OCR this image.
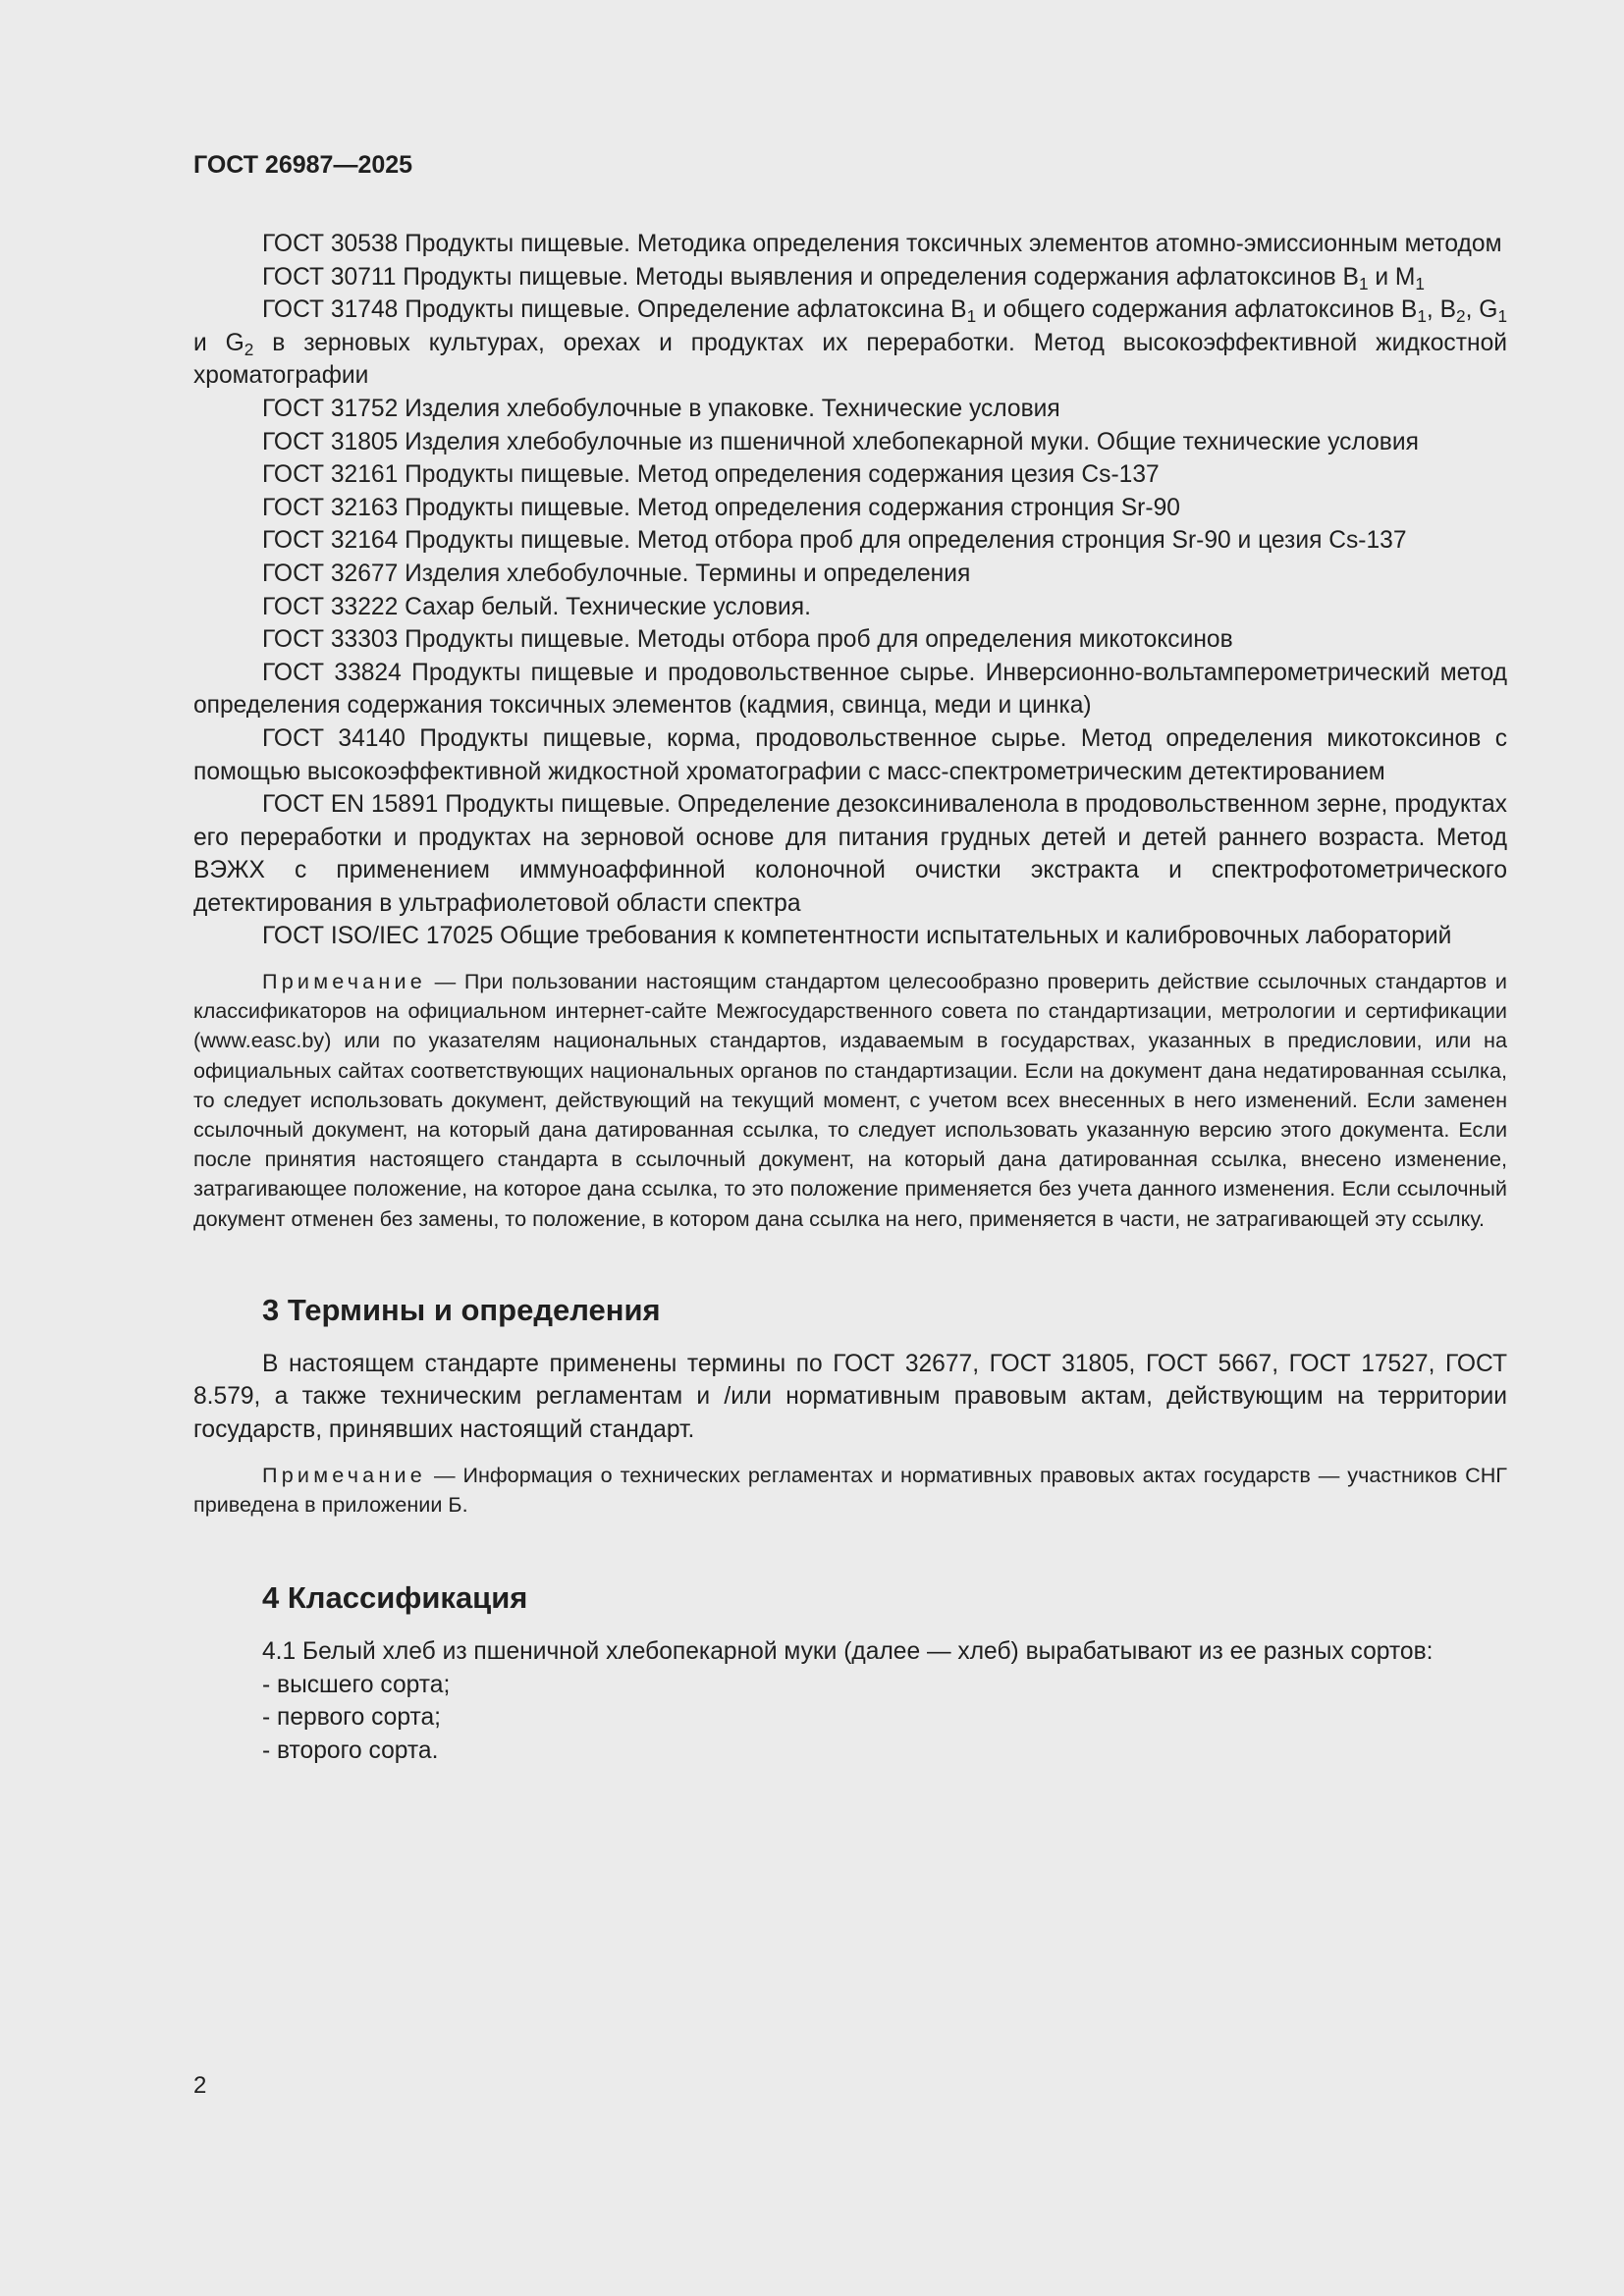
ГОСТ 26987—2025

ГОСТ 30538 Продукты пищевые. Методика определения токсичных элементов атомно-эмиссионным методом

ГОСТ 30711 Продукты пищевые. Методы выявления и определения содержания афлатоксинов $B_1$ и $M_1$

ГОСТ 31748 Продукты пищевые. Определение афлатоксина $B_1$ и общего содержания афлатоксинов $B_1$, $B_2$, $G_1$ и $G_2$ в зерновых культурах, орехах и продуктах их переработки. Метод высокоэффективной жидкостной хроматографии

ГОСТ 31752 Изделия хлебобулочные в упаковке. Технические условия

ГОСТ 31805 Изделия хлебобулочные из пшеничной хлебопекарной муки. Общие технические условия

ГОСТ 32161 Продукты пищевые. Метод определения содержания цезия Cs-137

ГОСТ 32163 Продукты пищевые. Метод определения содержания стронция Sr-90

ГОСТ 32164 Продукты пищевые. Метод отбора проб для определения стронция Sr-90 и цезия Cs-137

ГОСТ 32677 Изделия хлебобулочные. Термины и определения

ГОСТ 33222 Сахар белый. Технические условия.

ГОСТ 33303 Продукты пищевые. Методы отбора проб для определения микотоксинов

ГОСТ 33824 Продукты пищевые и продовольственное сырье. Инверсионно-вольтамперометрический метод определения содержания токсичных элементов (кадмия, свинца, меди и цинка)

ГОСТ 34140 Продукты пищевые, корма, продовольственное сырье. Метод определения микотоксинов с помощью высокоэффективной жидкостной хроматографии с масс-спектрометрическим детектированием

ГОСТ EN 15891 Продукты пищевые. Определение дезоксиниваленола в продовольственном зерне, продуктах его переработки и продуктах на зерновой основе для питания грудных детей и детей раннего возраста. Метод ВЭЖХ с применением иммуноаффинной колоночной очистки экстракта и спектрофотометрического детектирования в ультрафиолетовой области спектра

ГОСТ ISO/IEC 17025 Общие требования к компетентности испытательных и калибровочных лабораторий

Примечание — При пользовании настоящим стандартом целесообразно проверить действие ссылочных стандартов и классификаторов на официальном интернет-сайте Межгосударственного совета по стандартизации, метрологии и сертификации (www.easc.by) или по указателям национальных стандартов, издаваемым в государствах, указанных в предисловии, или на официальных сайтах соответствующих национальных органов по стандартизации. Если на документ дана недатированная ссылка, то следует использовать документ, действующий на текущий момент, с учетом всех внесенных в него изменений. Если заменен ссылочный документ, на который дана датированная ссылка, то следует использовать указанную версию этого документа. Если после принятия настоящего стандарта в ссылочный документ, на который дана датированная ссылка, внесено изменение, затрагивающее положение, на которое дана ссылка, то это положение применяется без учета данного изменения. Если ссылочный документ отменен без замены, то положение, в котором дана ссылка на него, применяется в части, не затрагивающей эту ссылку.

3 Термины и определения

В настоящем стандарте применены термины по ГОСТ 32677, ГОСТ 31805, ГОСТ 5667, ГОСТ 17527, ГОСТ 8.579, а также техническим регламентам и /или нормативным правовым актам, действующим на территории государств, принявших настоящий стандарт.

Примечание — Информация о технических регламентах и нормативных правовых актах государств — участников СНГ приведена в приложении Б.

4 Классификация

4.1 Белый хлеб из пшеничной хлебопекарной муки (далее — хлеб) вырабатывают из ее разных сортов:

- высшего сорта;
- первого сорта;
- второго сорта.
2
